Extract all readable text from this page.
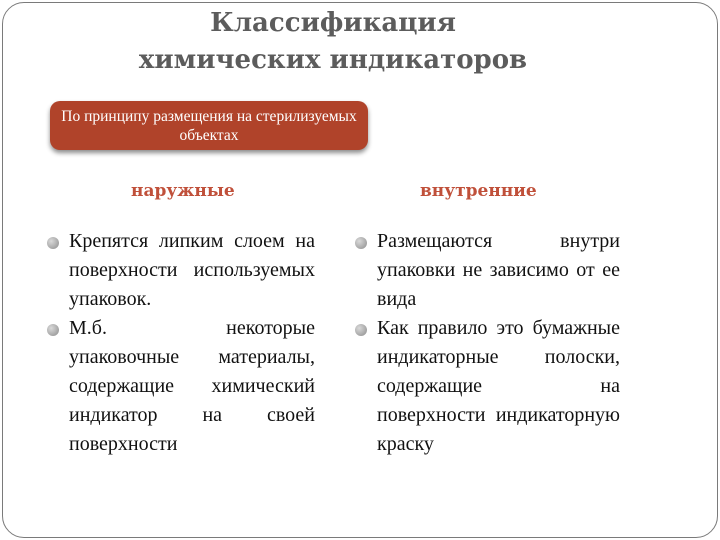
Классификация химических индикаторов
По принципу размещения на стерилизуемых объектах
наружные	внутренние
Крепятся липким слоем на поверхности используемых упаковок.
М.б. некоторые упаковочные материалы, содержащие химический индикатор на своей поверхности
Размещаются внутри упаковки не зависимо от ее вида
Как правило это бумажные индикаторные полоски, содержащие на поверхности индикаторную краску
